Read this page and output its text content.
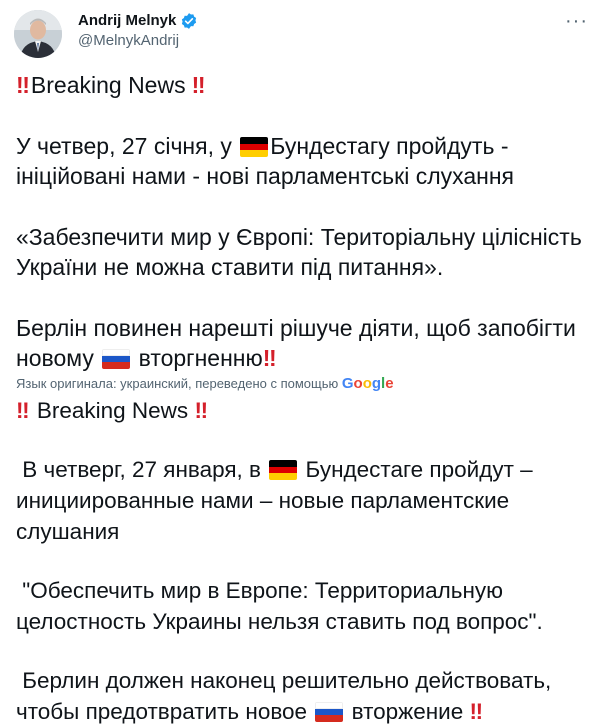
Andrij Melnyk
@MelnykAndrij
···
‼ Breaking News ‼
У четвер, 27 січня, у Бундестагу пройдуть -
ініційовані нами - нові парламентські слухання
«Забезпечити мир у Європі: Територіальну цілісність
України не можна ставити під питання».
Берлін повинен нарешті рішуче діяти, щоб запобігти
новому вторгненню‼
Язык оригинала: украинский, переведено с помощью Google
‼ Breaking News ‼
В четверг, 27 января, в Бундестаге пройдут –
инициированные нами – новые парламентские
слушания
"Обеспечить мир в Европе: Территориальную
целостность Украины нельзя ставить под вопрос".
Берлин должен наконец решительно действовать,
чтобы предотвратить новое вторжение ‼
